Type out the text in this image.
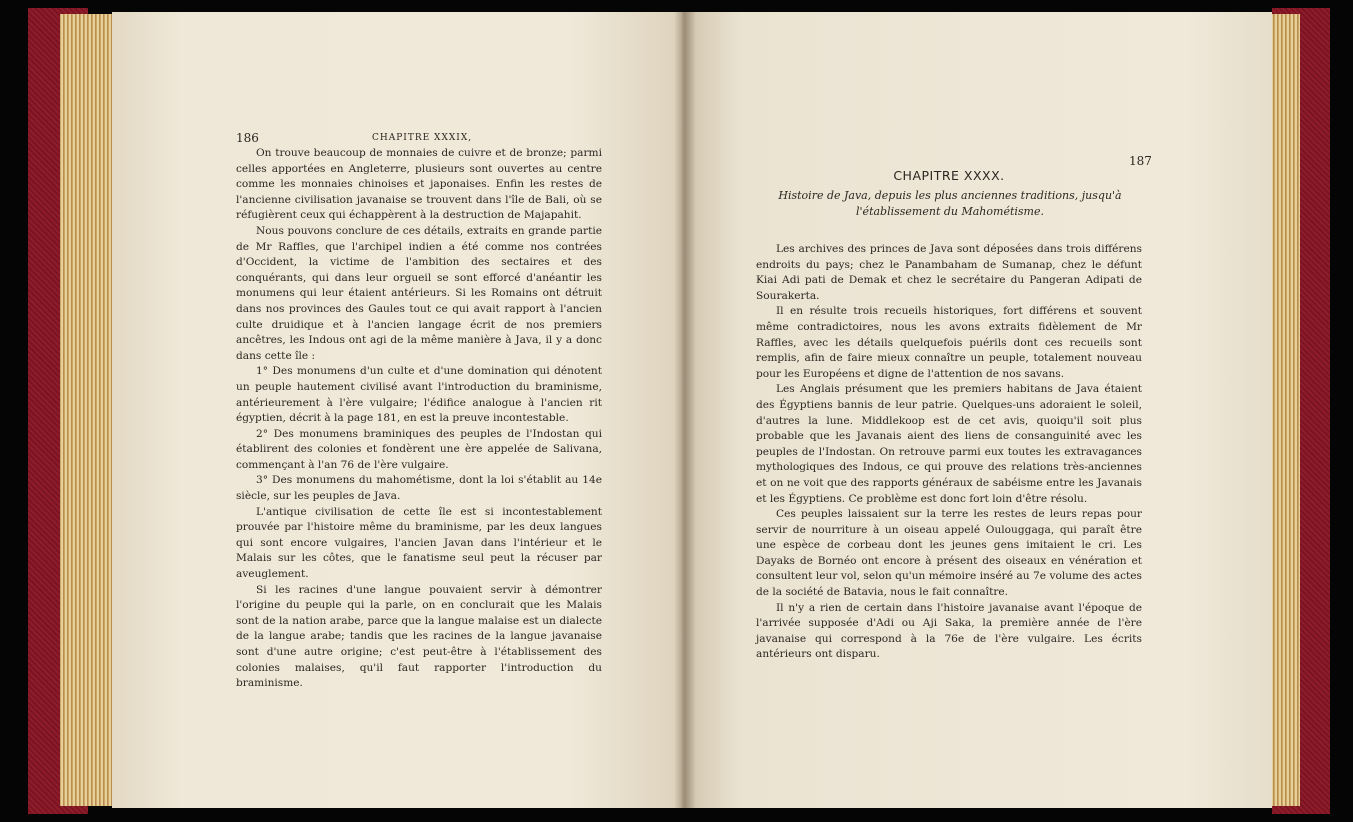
186	CHAPITRE XXXIX,

On trouve beaucoup de monnaies de cuivre et de bronze; parmi celles apportées en Angleterre, plusieurs sont ouvertes au centre comme les monnaies chinoises et japonaises. Enfin les restes de l'ancienne civilisation javanaise se trouvent dans l'île de Bali, où se réfugièrent ceux qui échappèrent à la destruction de Majapahit.

Nous pouvons conclure de ces détails, extraits en grande partie de Mr Raffles, que l'archipel indien a été comme nos contrées d'Occident, la victime de l'ambition des sectaires et des conquérants, qui dans leur orgueil se sont efforcé d'anéantir les monumens qui leur étaient antérieurs. Si les Romains ont détruit dans nos provinces des Gaules tout ce qui avait rapport à l'ancien culte druidique et à l'ancien langage écrit de nos premiers ancêtres, les Indous ont agi de la même manière à Java, il y a donc dans cette île :

1° Des monumens d'un culte et d'une domination qui dénotent un peuple hautement civilisé avant l'introduction du braminisme, antérieurement à l'ère vulgaire; l'édifice analogue à l'ancien rit égyptien, décrit à la page 181, en est la preuve incontestable.

2° Des monumens braminiques des peuples de l'Indostan qui établirent des colonies et fondèrent une ère appelée de Salivana, commençant à l'an 76 de l'ère vulgaire.

3° Des monumens du mahométisme, dont la loi s'établit au 14e siècle, sur les peuples de Java.

L'antique civilisation de cette île est si incontestablement prouvée par l'histoire même du braminisme, par les deux langues qui sont encore vulgaires, l'ancien Javan dans l'intérieur et le Malais sur les côtes, que le fanatisme seul peut la récuser par aveuglement.

Si les racines d'une langue pouvaient servir à démontrer l'origine du peuple qui la parle, on en conclurait que les Malais sont de la nation arabe, parce que la langue malaise est un dialecte de la langue arabe; tandis que les racines de la langue javanaise sont d'une autre origine; c'est peut-être à l'établissement des colonies malaises, qu'il faut rapporter l'introduction du braminisme.

187
CHAPITRE XXXX.
Histoire de Java, depuis les plus anciennes traditions, jusqu'à l'établissement du Mahométisme.

Les archives des princes de Java sont déposées dans trois différens endroits du pays; chez le Panambaham de Sumanap, chez le défunt Kiai Adi pati de Demak et chez le secrétaire du Pangeran Adipati de Sourakerta.

Il en résulte trois recueils historiques, fort différens et souvent même contradictoires, nous les avons extraits fidèlement de Mr Raffles, avec les détails quelquefois puérils dont ces recueils sont remplis, afin de faire mieux connaître un peuple, totalement nouveau pour les Européens et digne de l'attention de nos savans.

Les Anglais présument que les premiers habitans de Java étaient des Égyptiens bannis de leur patrie. Quelques-uns adoraient le soleil, d'autres la lune. Middlekoop est de cet avis, quoiqu'il soit plus probable que les Javanais aient des liens de consanguinité avec les peuples de l'Indostan. On retrouve parmi eux toutes les extravagances mythologiques des Indous, ce qui prouve des relations très-anciennes et on ne voit que des rapports généraux de sabéisme entre les Javanais et les Égyptiens. Ce problème est donc fort loin d'être résolu.

Ces peuples laissaient sur la terre les restes de leurs repas pour servir de nourriture à un oiseau appelé Oulouggaga, qui paraît être une espèce de corbeau dont les jeunes gens imitaient le cri. Les Dayaks de Bornéo ont encore à présent des oiseaux en vénération et consultent leur vol, selon qu'un mémoire inséré au 7e volume des actes de la société de Batavia, nous le fait connaître.

Il n'y a rien de certain dans l'histoire javanaise avant l'époque de l'arrivée supposée d'Adi ou Aji Saka, la première année de l'ère javanaise qui correspond à la 76e de l'ère vulgaire. Les écrits antérieurs ont disparu.
